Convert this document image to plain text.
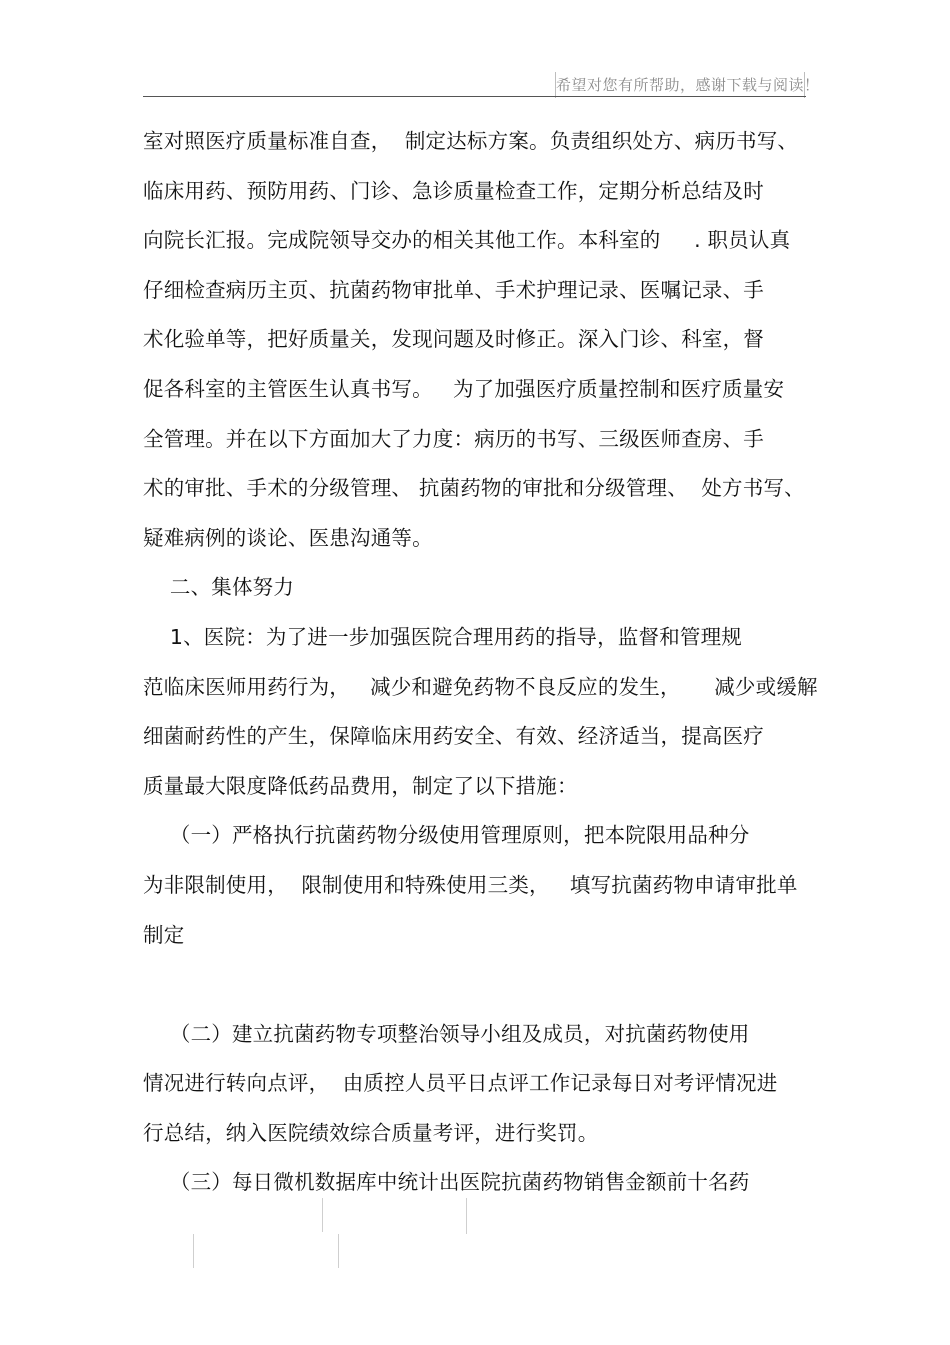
希望对您有所帮助，感谢下载与阅读！
室对照医疗质量标准自查，  制定达标方案。负责组织处方、病历书写、
临床用药、预防用药、门诊、急诊质量检查工作，定期分析总结及时
向院长汇报。完成院领导交办的相关其他工作。本科室的     . 职员认真
仔细检查病历主页、抗菌药物审批单、手术护理记录、医嘱记录、手
术化验单等，把好质量关，发现问题及时修正。深入门诊、科室，督
促各科室的主管医生认真书写。   为了加强医疗质量控制和医疗质量安
全管理。并在以下方面加大了力度：病历的书写、三级医师查房、手
术的审批、手术的分级管理、 抗菌药物的审批和分级管理、  处方书写、
疑难病例的谈论、医患沟通等。
二、集体努力
1、医院：为了进一步加强医院合理用药的指导，监督和管理规
范临床医师用药行为，   减少和避免药物不良反应的发生，     减少或缓解
细菌耐药性的产生，保障临床用药安全、有效、经济适当，提高医疗
质量最大限度降低药品费用，制定了以下措施：
（一）严格执行抗菌药物分级使用管理原则，把本院限用品种分
为非限制使用，  限制使用和特殊使用三类，   填写抗菌药物申请审批单
制定
（二）建立抗菌药物专项整治领导小组及成员，对抗菌药物使用
情况进行转向点评，  由质控人员平日点评工作记录每日对考评情况进
行总结，纳入医院绩效综合质量考评，进行奖罚。
（三）每日微机数据库中统计出医院抗菌药物销售金额前十名药
